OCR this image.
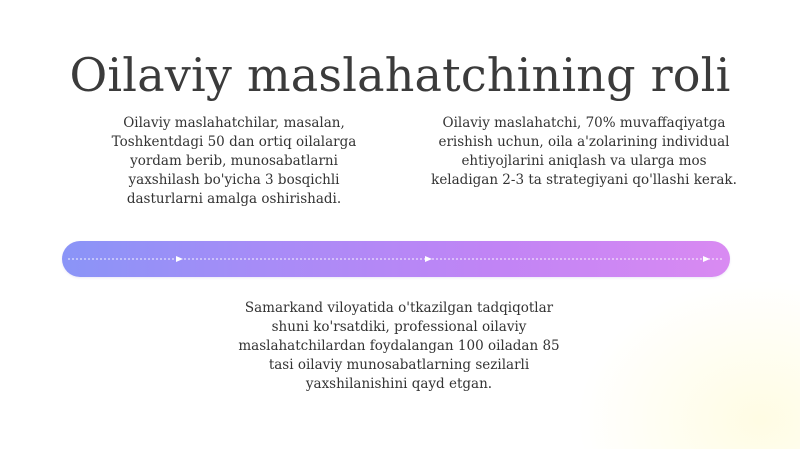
Oilaviy maslahatchining roli

Oilaviy maslahatchilar, masalan,
Toshkentdagi 50 dan ortiq oilalarga
yordam berib, munosabatlarni
yaxshilash bo'yicha 3 bosqichli
dasturlarni amalga oshirishadi.

Oilaviy maslahatchi, 70% muvaffaqiyatga
erishish uchun, oila a'zolarining individual
ehtiyojlarini aniqlash va ularga mos
keladigan 2-3 ta strategiyani qo'llashi kerak.

Samarkand viloyatida o'tkazilgan tadqiqotlar
shuni ko'rsatdiki, professional oilaviy
maslahatchilardan foydalangan 100 oiladan 85
tasi oilaviy munosabatlarning sezilarli
yaxshilanishini qayd etgan.
